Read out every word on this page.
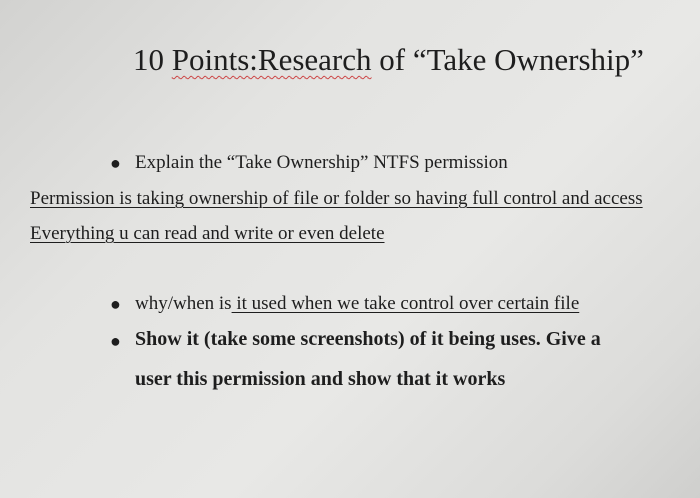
10 Points:Research of “Take Ownership”
● Explain the “Take Ownership” NTFS permission
Permission is taking ownership of file or folder so having full control and access
Everything u can read and write or even delete
● why/when is it used when we take control over certain file
● Show it (take some screenshots) of it being uses. Give a
user this permission and show that it works
